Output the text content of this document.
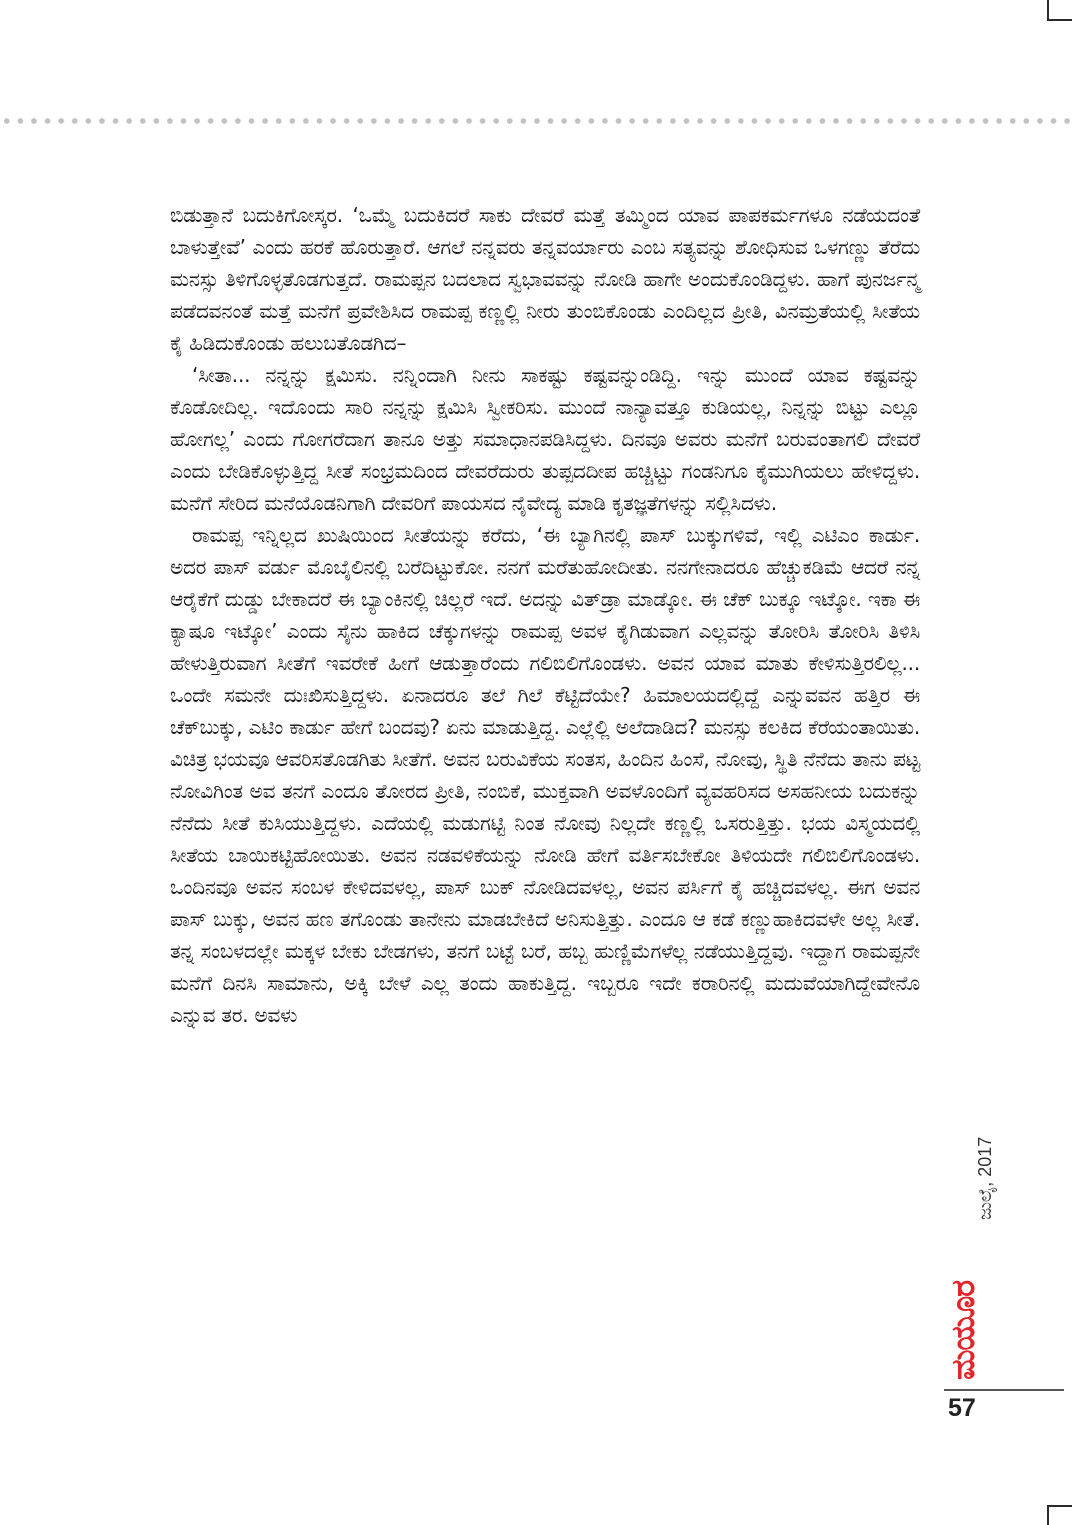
ಬಿಡುತ್ತಾನೆ ಬದುಕಿಗೋಸ್ಕರ. ‘ಒಮ್ಮೆ ಬದುಕಿದರೆ ಸಾಕು ದೇವರೆ ಮತ್ತೆ ತಮ್ಮಿಂದ ಯಾವ ಪಾಪಕರ್ಮಗಳೂ ನಡೆಯದಂತೆ ಬಾಳುತ್ತೇವೆ’ ಎಂದು ಹರಕೆ ಹೊರುತ್ತಾರೆ. ಆಗಲೆ ನನ್ನವರು ತನ್ನವರ್ಯಾರು ಎಂಬ ಸತ್ಯವನ್ನು ಶೋಧಿಸುವ ಒಳಗಣ್ಣು ತೆರೆದು ಮನಸ್ಸು ತಿಳಿಗೊಳ್ಳತೊಡಗುತ್ತದೆ. ರಾಮಪ್ಪನ ಬದಲಾದ ಸ್ವಭಾವವನ್ನು ನೋಡಿ ಹಾಗೇ ಅಂದುಕೊಂಡಿದ್ದಳು. ಹಾಗೆ ಪುನರ್ಜನ್ಮ ಪಡೆದವನಂತೆ ಮತ್ತೆ ಮನೆಗೆ ಪ್ರವೇಶಿಸಿದ ರಾಮಪ್ಪ ಕಣ್ಣಲ್ಲಿ ನೀರು ತುಂಬಿಕೊಂಡು ಎಂದಿಲ್ಲದ ಪ್ರೀತಿ, ವಿನಮ್ರತೆಯಲ್ಲಿ ಸೀತೆಯ ಕೈ ಹಿಡಿದುಕೊಂಡು ಹಲುಬತೊಡಗಿದ–

‘ಸೀತಾ... ನನ್ನನ್ನು ಕ್ಷಮಿಸು. ನನ್ನಿಂದಾಗಿ ನೀನು ಸಾಕಷ್ಟು ಕಷ್ಟವನ್ನುಂಡಿದ್ದಿ. ಇನ್ನು ಮುಂದೆ ಯಾವ ಕಷ್ಟವನ್ನು ಕೊಡೋದಿಲ್ಲ. ಇದೊಂದು ಸಾರಿ ನನ್ನನ್ನು ಕ್ಷಮಿಸಿ ಸ್ವೀಕರಿಸು. ಮುಂದೆ ನಾನ್ಯಾವತ್ತೂ ಕುಡಿಯಲ್ಲ, ನಿನ್ನನ್ನು ಬಿಟ್ಟು ಎಲ್ಲೂ ಹೋಗಲ್ಲ’ ಎಂದು ಗೋಗರೆದಾಗ ತಾನೂ ಅತ್ತು ಸಮಾಧಾನಪಡಿಸಿದ್ದಳು. ದಿನವೂ ಅವರು ಮನೆಗೆ ಬರುವಂತಾಗಲಿ ದೇವರೆ ಎಂದು ಬೇಡಿಕೊಳ್ಳುತ್ತಿದ್ದ ಸೀತೆ ಸಂಭ್ರಮದಿಂದ ದೇವರೆದುರು ತುಪ್ಪದದೀಪ ಹಚ್ಚಿಟ್ಟು ಗಂಡನಿಗೂ ಕೈಮುಗಿಯಲು ಹೇಳಿದ್ದಳು. ಮನೆಗೆ ಸೇರಿದ ಮನೆಯೊಡನಿಗಾಗಿ ದೇವರಿಗೆ ಪಾಯಸದ ನೈವೇದ್ಯ ಮಾಡಿ ಕೃತಜ್ಞತೆಗಳನ್ನು ಸಲ್ಲಿಸಿದಳು.

ರಾಮಪ್ಪ ಇನ್ನಿಲ್ಲದ ಖುಷಿಯಿಂದ ಸೀತೆಯನ್ನು ಕರೆದು, ‘ಈ ಬ್ಯಾಗಿನಲ್ಲಿ ಪಾಸ್ ಬುಕ್ಕುಗಳಿವೆ, ಇಲ್ಲಿ ಎಟಿಎಂ ಕಾರ್ಡು. ಅದರ ಪಾಸ್ ವರ್ಡು ಮೊಬೈಲಿನಲ್ಲಿ ಬರೆದಿಟ್ಟುಕೋ. ನನಗೆ ಮರೆತುಹೋದೀತು. ನನಗೇನಾದರೂ ಹೆಚ್ಚುಕಡಿಮೆ ಆದರೆ ನನ್ನ ಆರೈಕೆಗೆ ದುಡ್ಡು ಬೇಕಾದರೆ ಈ ಬ್ಯಾಂಕಿನಲ್ಲಿ ಚಿಲ್ಲರೆ ಇದೆ. ಅದನ್ನು ವಿತ್‌ಡ್ರಾ ಮಾಡ್ಕೋ. ಈ ಚೆಕ್ ಬುಕ್ಕೂ ಇಟ್ಕೋ. ಇಕಾ ಈ ಕ್ಯಾಷೂ ಇಟ್ಕೋ’ ಎಂದು ಸೈನು ಹಾಕಿದ ಚೆಕ್ಕುಗಳನ್ನು ರಾಮಪ್ಪ ಅವಳ ಕೈಗಿಡುವಾಗ ಎಲ್ಲವನ್ನು ತೋರಿಸಿ ತೋರಿಸಿ ತಿಳಿಸಿ ಹೇಳುತ್ತಿರುವಾಗ ಸೀತೆಗೆ ಇವರೇಕೆ ಹೀಗೆ ಆಡುತ್ತಾರೆಂದು ಗಲಿಬಿಲಿಗೊಂಡಳು. ಅವನ ಯಾವ ಮಾತು ಕೇಳಿಸುತ್ತಿರಲಿಲ್ಲ... ಒಂದೇ ಸಮನೇ ದುಃಖಿಸುತ್ತಿದ್ದಳು. ಏನಾದರೂ ತಲೆ ಗಿಲೆ ಕೆಟ್ಟಿದೆಯೇ? ಹಿಮಾಲಯದಲ್ಲಿದ್ದೆ ಎನ್ನುವವನ ಹತ್ತಿರ ಈ ಚೆಕ್‌ಬುಕ್ಕು, ಎಟಿಂ ಕಾರ್ಡು ಹೇಗೆ ಬಂದವು? ಏನು ಮಾಡುತ್ತಿದ್ದ. ಎಲ್ಲೆಲ್ಲಿ ಅಲೆದಾಡಿದ? ಮನಸ್ಸು ಕಲಕಿದ ಕೆರೆಯಂತಾಯಿತು. ವಿಚಿತ್ರ ಭಯವೂ ಆವರಿಸತೊಡಗಿತು ಸೀತೆಗೆ. ಅವನ ಬರುವಿಕೆಯ ಸಂತಸ, ಹಿಂದಿನ ಹಿಂಸೆ, ನೋವು, ಸ್ಥಿತಿ ನೆನೆದು ತಾನು ಪಟ್ಟ ನೋವಿಗಿಂತ ಅವ ತನಗೆ ಎಂದೂ ತೋರದ ಪ್ರೀತಿ, ನಂಬಿಕೆ, ಮುಕ್ತವಾಗಿ ಅವಳೊಂದಿಗೆ ವ್ಯವಹರಿಸದ ಅಸಹನೀಯ ಬದುಕನ್ನು ನೆನೆದು ಸೀತೆ ಕುಸಿಯುತ್ತಿದ್ದಳು. ಎದೆಯಲ್ಲಿ ಮಡುಗಟ್ಟಿ ನಿಂತ ನೋವು ನಿಲ್ಲದೇ ಕಣ್ಣಲ್ಲಿ ಒಸರುತ್ತಿತ್ತು. ಭಯ ವಿಸ್ಮಯದಲ್ಲಿ ಸೀತೆಯ ಬಾಯಿಕಟ್ಟಿಹೋಯಿತು. ಅವನ ನಡವಳಿಕೆಯನ್ನು ನೋಡಿ ಹೇಗೆ ವರ್ತಿಸಬೇಕೋ ತಿಳಿಯದೇ ಗಲಿಬಿಲಿಗೊಂಡಳು. ಒಂದಿನವೂ ಅವನ ಸಂಬಳ ಕೇಳಿದವಳಲ್ಲ, ಪಾಸ್ ಬುಕ್ ನೋಡಿದವಳಲ್ಲ, ಅವನ ಪರ್ಸಿಗೆ ಕೈ ಹಚ್ಚಿದವಳಲ್ಲ. ಈಗ ಅವನ ಪಾಸ್ ಬುಕ್ಕು, ಅವನ ಹಣ ತಗೊಂಡು ತಾನೇನು ಮಾಡಬೇಕಿದೆ ಅನಿಸುತ್ತಿತ್ತು. ಎಂದೂ ಆ ಕಡೆ ಕಣ್ಣುಹಾಕಿದವಳೇ ಅಲ್ಲ ಸೀತೆ. ತನ್ನ ಸಂಬಳದಲ್ಲೇ ಮಕ್ಕಳ ಬೇಕು ಬೇಡಗಳು, ತನಗೆ ಬಟ್ಟೆ ಬರೆ, ಹಬ್ಬ ಹುಣ್ಣಿಮೆಗಳೆಲ್ಲ ನಡೆಯುತ್ತಿದ್ದವು. ಇದ್ದಾಗ ರಾಮಪ್ಪನೇ ಮನೆಗೆ ದಿನಸಿ ಸಾಮಾನು, ಅಕ್ಕಿ ಬೇಳೆ ಎಲ್ಲ ತಂದು ಹಾಕುತ್ತಿದ್ದ. ಇಬ್ಬರೂ ಇದೇ ಕರಾರಿನಲ್ಲಿ ಮದುವೆಯಾಗಿದ್ದೇವೇನೊ ಎನ್ನುವ ತರ. ಅವಳು

ಜುಲೈ, 2017
ಮಯೂರ
57
